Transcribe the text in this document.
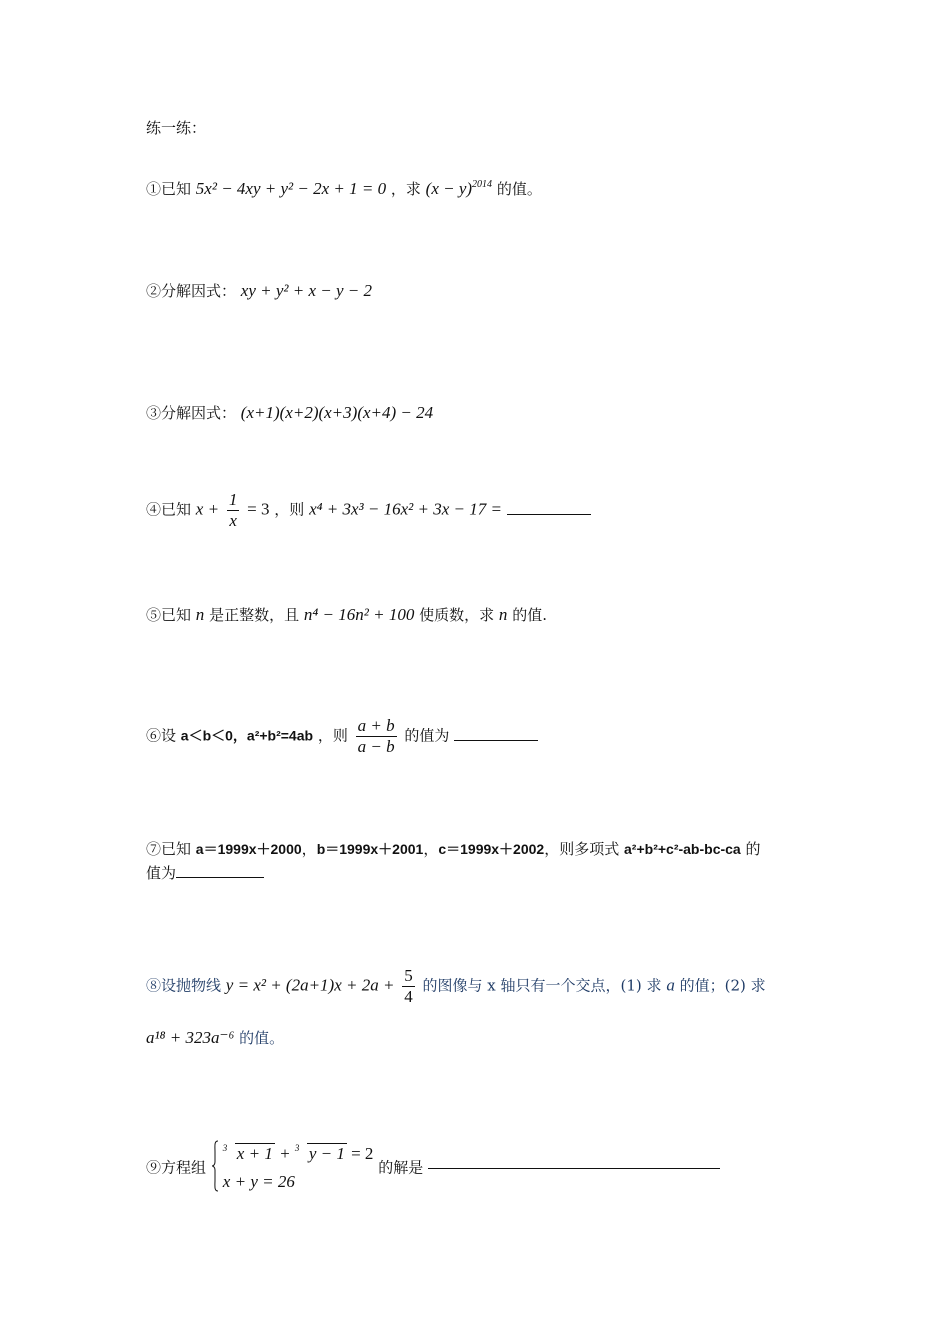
练一练：
①已知 5x² − 4xy + y² − 2x + 1 = 0 ，求 $(x - y)^{2014}$ 的值。
②分解因式： xy + y² + x − y − 2
③分解因式： (x+1)(x+2)(x+3)(x+4) − 24
④已知 $x + \frac{1}{x} = 3$ ，则 x⁴ + 3x³ − 16x² + 3x − 17 =
⑤已知 n 是正整数，且 n⁴ − 16n² + 100 使质数，求 n 的值.
⑥设 a＜b＜0，a²+b²=4ab ，则 $\frac{a + b}{a - b}$ 的值为
⑦已知 a＝1999x＋2000，b＝1999x＋2001，c＝1999x＋2002，则多项式 a²+b²+c²-ab-bc-ca 的
值为
⑧设抛物线 $y = x^2 + (2a+1)x + 2a + \frac{5}{4}$ 的图像与 x 轴只有一个交点，(1) 求 a 的值；(2) 求
a¹⁸ + 323a⁻⁶ 的值。
⑨方程组
3 x + 1 + 3 y − 1 = 2
x + y = 26
的解是
